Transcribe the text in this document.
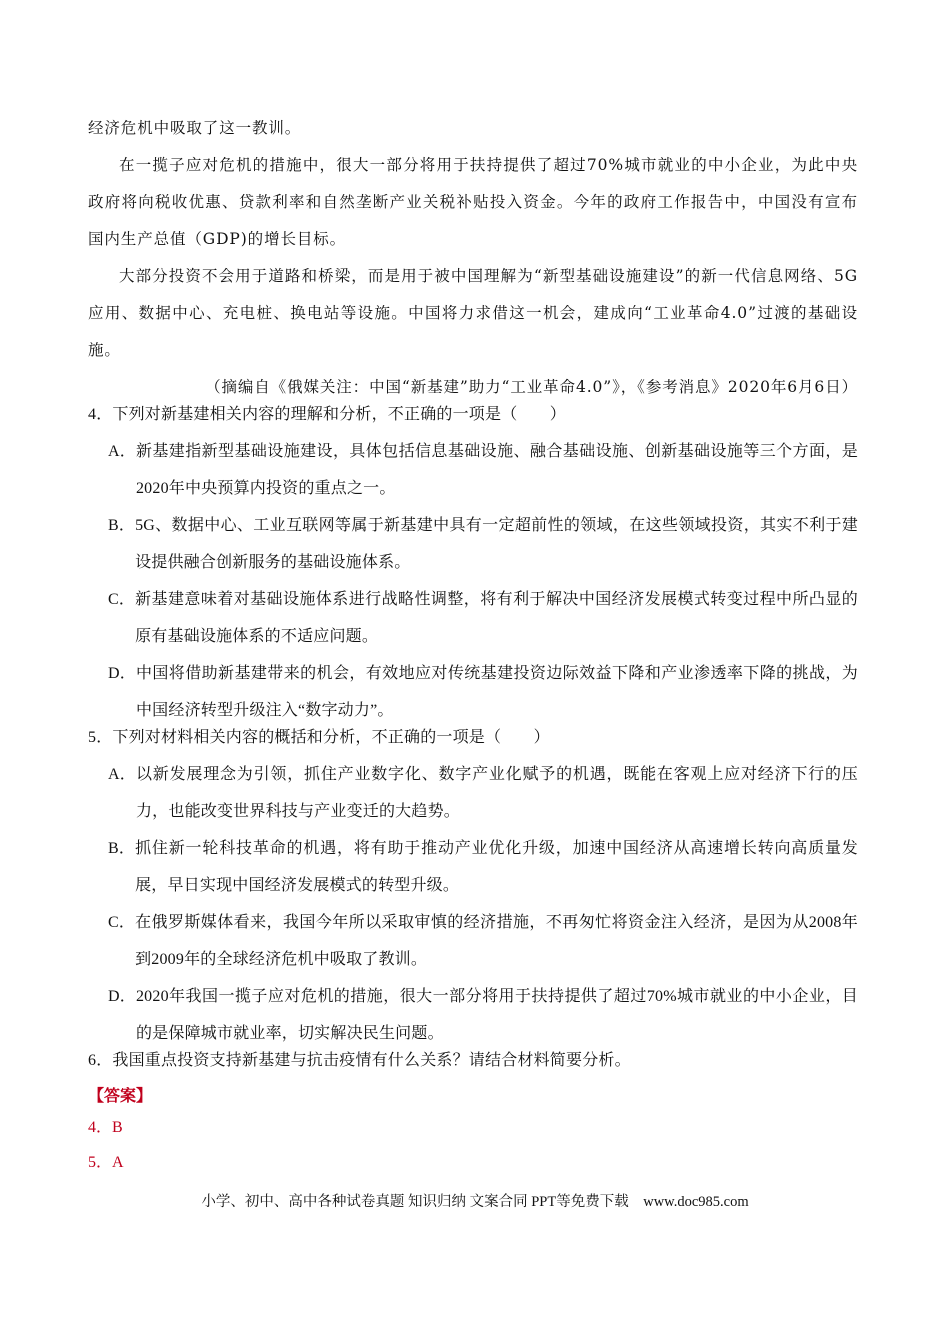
经济危机中吸取了这一教训。

在一揽子应对危机的措施中，很大一部分将用于扶持提供了超过70%城市就业的中小企业，为此中央政府将向税收优惠、贷款利率和自然垄断产业关税补贴投入资金。今年的政府工作报告中，中国没有宣布国内生产总值（GDP)的增长目标。

大部分投资不会用于道路和桥梁，而是用于被中国理解为“新型基础设施建设”的新一代信息网络、5G应用、数据中心、充电桩、换电站等设施。中国将力求借这一机会，建成向“工业革命4.0”过渡的基础设施。

（摘编自《俄媒关注：中国“新基建”助力“工业革命4.0”》，《参考消息》2020年6月6日）

4．下列对新基建相关内容的理解和分析，不正确的一项是（　　）

A． 新基建指新型基础设施建设，具体包括信息基础设施、融合基础设施、创新基础设施等三个方面，是2020年中央预算内投资的重点之一。
B． 5G、数据中心、工业互联网等属于新基建中具有一定超前性的领域，在这些领域投资，其实不利于建设提供融合创新服务的基础设施体系。
C． 新基建意味着对基础设施体系进行战略性调整，将有利于解决中国经济发展模式转变过程中所凸显的原有基础设施体系的不适应问题。
D． 中国将借助新基建带来的机会，有效地应对传统基建投资边际效益下降和产业渗透率下降的挑战，为中国经济转型升级注入“数字动力”。

5．下列对材料相关内容的概括和分析，不正确的一项是（　　）

A． 以新发展理念为引领，抓住产业数字化、数字产业化赋予的机遇，既能在客观上应对经济下行的压力，也能改变世界科技与产业变迁的大趋势。
B． 抓住新一轮科技革命的机遇，将有助于推动产业优化升级，加速中国经济从高速增长转向高质量发展，早日实现中国经济发展模式的转型升级。
C． 在俄罗斯媒体看来，我国今年所以采取审慎的经济措施，不再匆忙将资金注入经济，是因为从2008年到2009年的全球经济危机中吸取了教训。
D． 2020年我国一揽子应对危机的措施，很大一部分将用于扶持提供了超过70%城市就业的中小企业，目的是保障城市就业率，切实解决民生问题。

6．我国重点投资支持新基建与抗击疫情有什么关系？请结合材料简要分析。

【答案】
4．B
5．A
小学、初中、高中各种试卷真题 知识归纳 文案合同 PPT等免费下载　www.doc985.com
